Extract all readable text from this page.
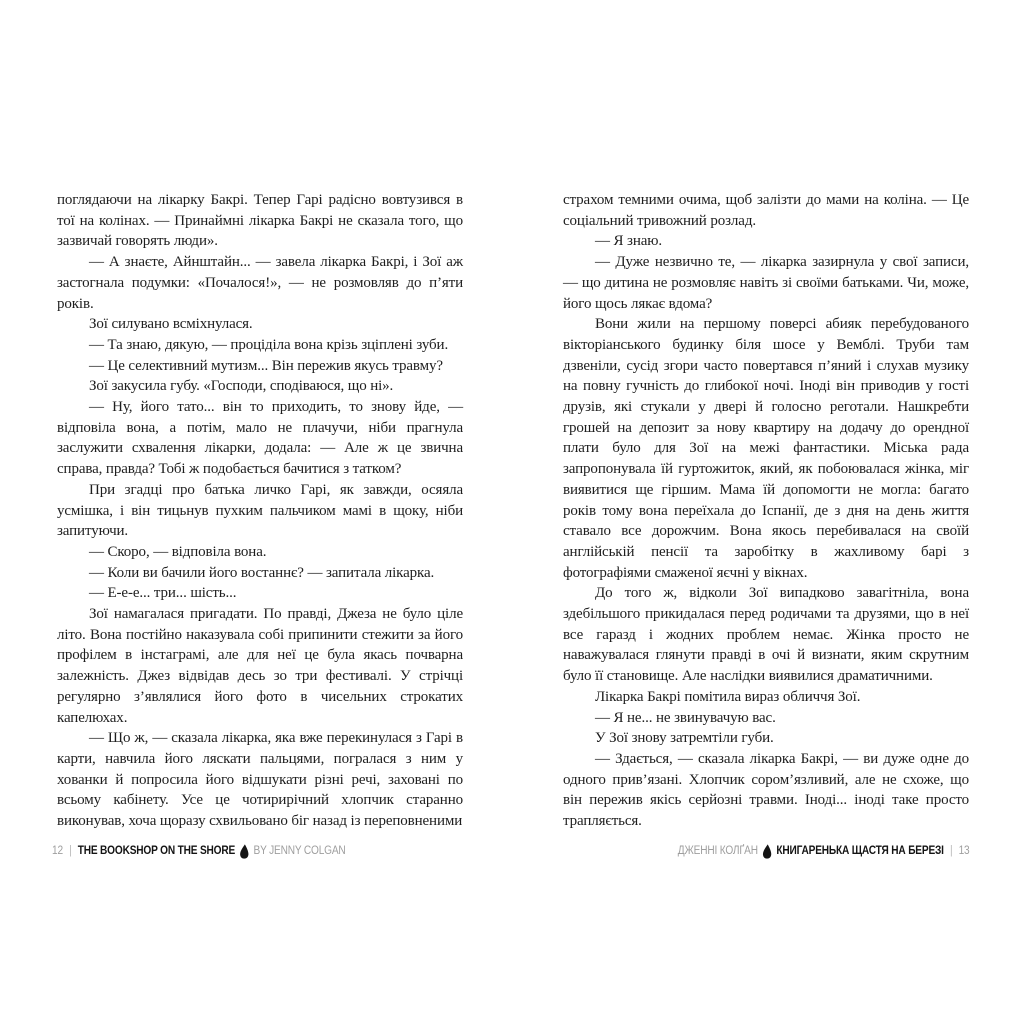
поглядаючи на лікарку Бакрі. Тепер Гарі радісно вовтузився в тої на колінах. — Принаймні лікарка Бакрі не сказала того, що зазвичай говорять люди».

— А знаєте, Айнштайн... — завела лікарка Бакрі, і Зої аж застогнала подумки: «Почалося!», — не розмовляв до п’яти років.

Зої силувано всміхнулася.

— Та знаю, дякую, — проціділа вона крізь зціплені зуби.

— Це селективний мутизм... Він пережив якусь травму?

Зої закусила губу. «Господи, сподіваюся, що ні».

— Ну, його тато... він то приходить, то знову йде, — відповіла вона, а потім, мало не плачучи, ніби прагнула заслужити схвалення лікарки, додала: — Але ж це звична справа, правда? Тобі ж подобається бачитися з татком?

При згадці про батька личко Гарі, як завжди, осяяла усмішка, і він тицьнув пухким пальчиком мамі в щоку, ніби запитуючи.

— Скоро, — відповіла вона.

— Коли ви бачили його востаннє? — запитала лікарка.

— Е-е-е... три... шість...

Зої намагалася пригадати. По правді, Джеза не було ціле літо. Вона постійно наказувала собі припинити стежити за його профілем в інстаграмі, але для неї це була якась почварна залежність. Джез відвідав десь зо три фестивалі. У стрічці регулярно з’являлися його фото в чисельних строкатих капелюхах.

— Що ж, — сказала лікарка, яка вже перекинулася з Гарі в карти, навчила його ляскати пальцями, погралася з ним у хованки й попросила його відшукати різні речі, заховані по всьому кабінету. Усе це чотирирічний хлопчик старанно виконував, хоча щоразу схвильовано біг назад із переповненими

страхом темними очима, щоб залізти до мами на коліна. — Це соціальний тривожний розлад.

— Я знаю.

— Дуже незвично те, — лікарка зазирнула у свої записи, — що дитина не розмовляє навіть зі своїми батьками. Чи, може, його щось лякає вдома?

Вони жили на першому поверсі абияк перебудованого вікторіанського будинку біля шосе у Вемблі. Труби там дзвеніли, сусід згори часто повертався п’яний і слухав музику на повну гучність до глибокої ночі. Іноді він приводив у гості друзів, які стукали у двері й голосно реготали. Нашкребти грошей на депозит за нову квартиру на додачу до орендної плати було для Зої на межі фантастики. Міська рада запропонувала їй гуртожиток, який, як побоювалася жінка, міг виявитися ще гіршим. Мама їй допомогти не могла: багато років тому вона переїхала до Іспанії, де з дня на день життя ставало все дорожчим. Вона якось перебивалася на своїй англійській пенсії та заробітку в жахливому барі з фотографіями смаженої яєчні у вікнах.

До того ж, відколи Зої випадково завагітніла, вона здебільшого прикидалася перед родичами та друзями, що в неї все гаразд і жодних проблем немає. Жінка просто не наважувалася глянути правді в очі й визнати, яким скрутним було її становище. Але наслідки виявилися драматичними.

Лікарка Бакрі помітила вираз обличчя Зої.

— Я не... не звинувачую вас.

У Зої знову затремтіли губи.

— Здається, — сказала лікарка Бакрі, — ви дуже одне до одного прив’язані. Хлопчик сором’язливий, але не схоже, що він пережив якісь серйозні травми. Іноді... іноді таке просто трапляється.

12 | THE BOOKSHOP ON THE SHORE BY JENNY COLGAN	ДЖЕННІ КОЛҐАН КНИГАРЕНЬКА ЩАСТЯ НА БЕРЕЗІ | 13
